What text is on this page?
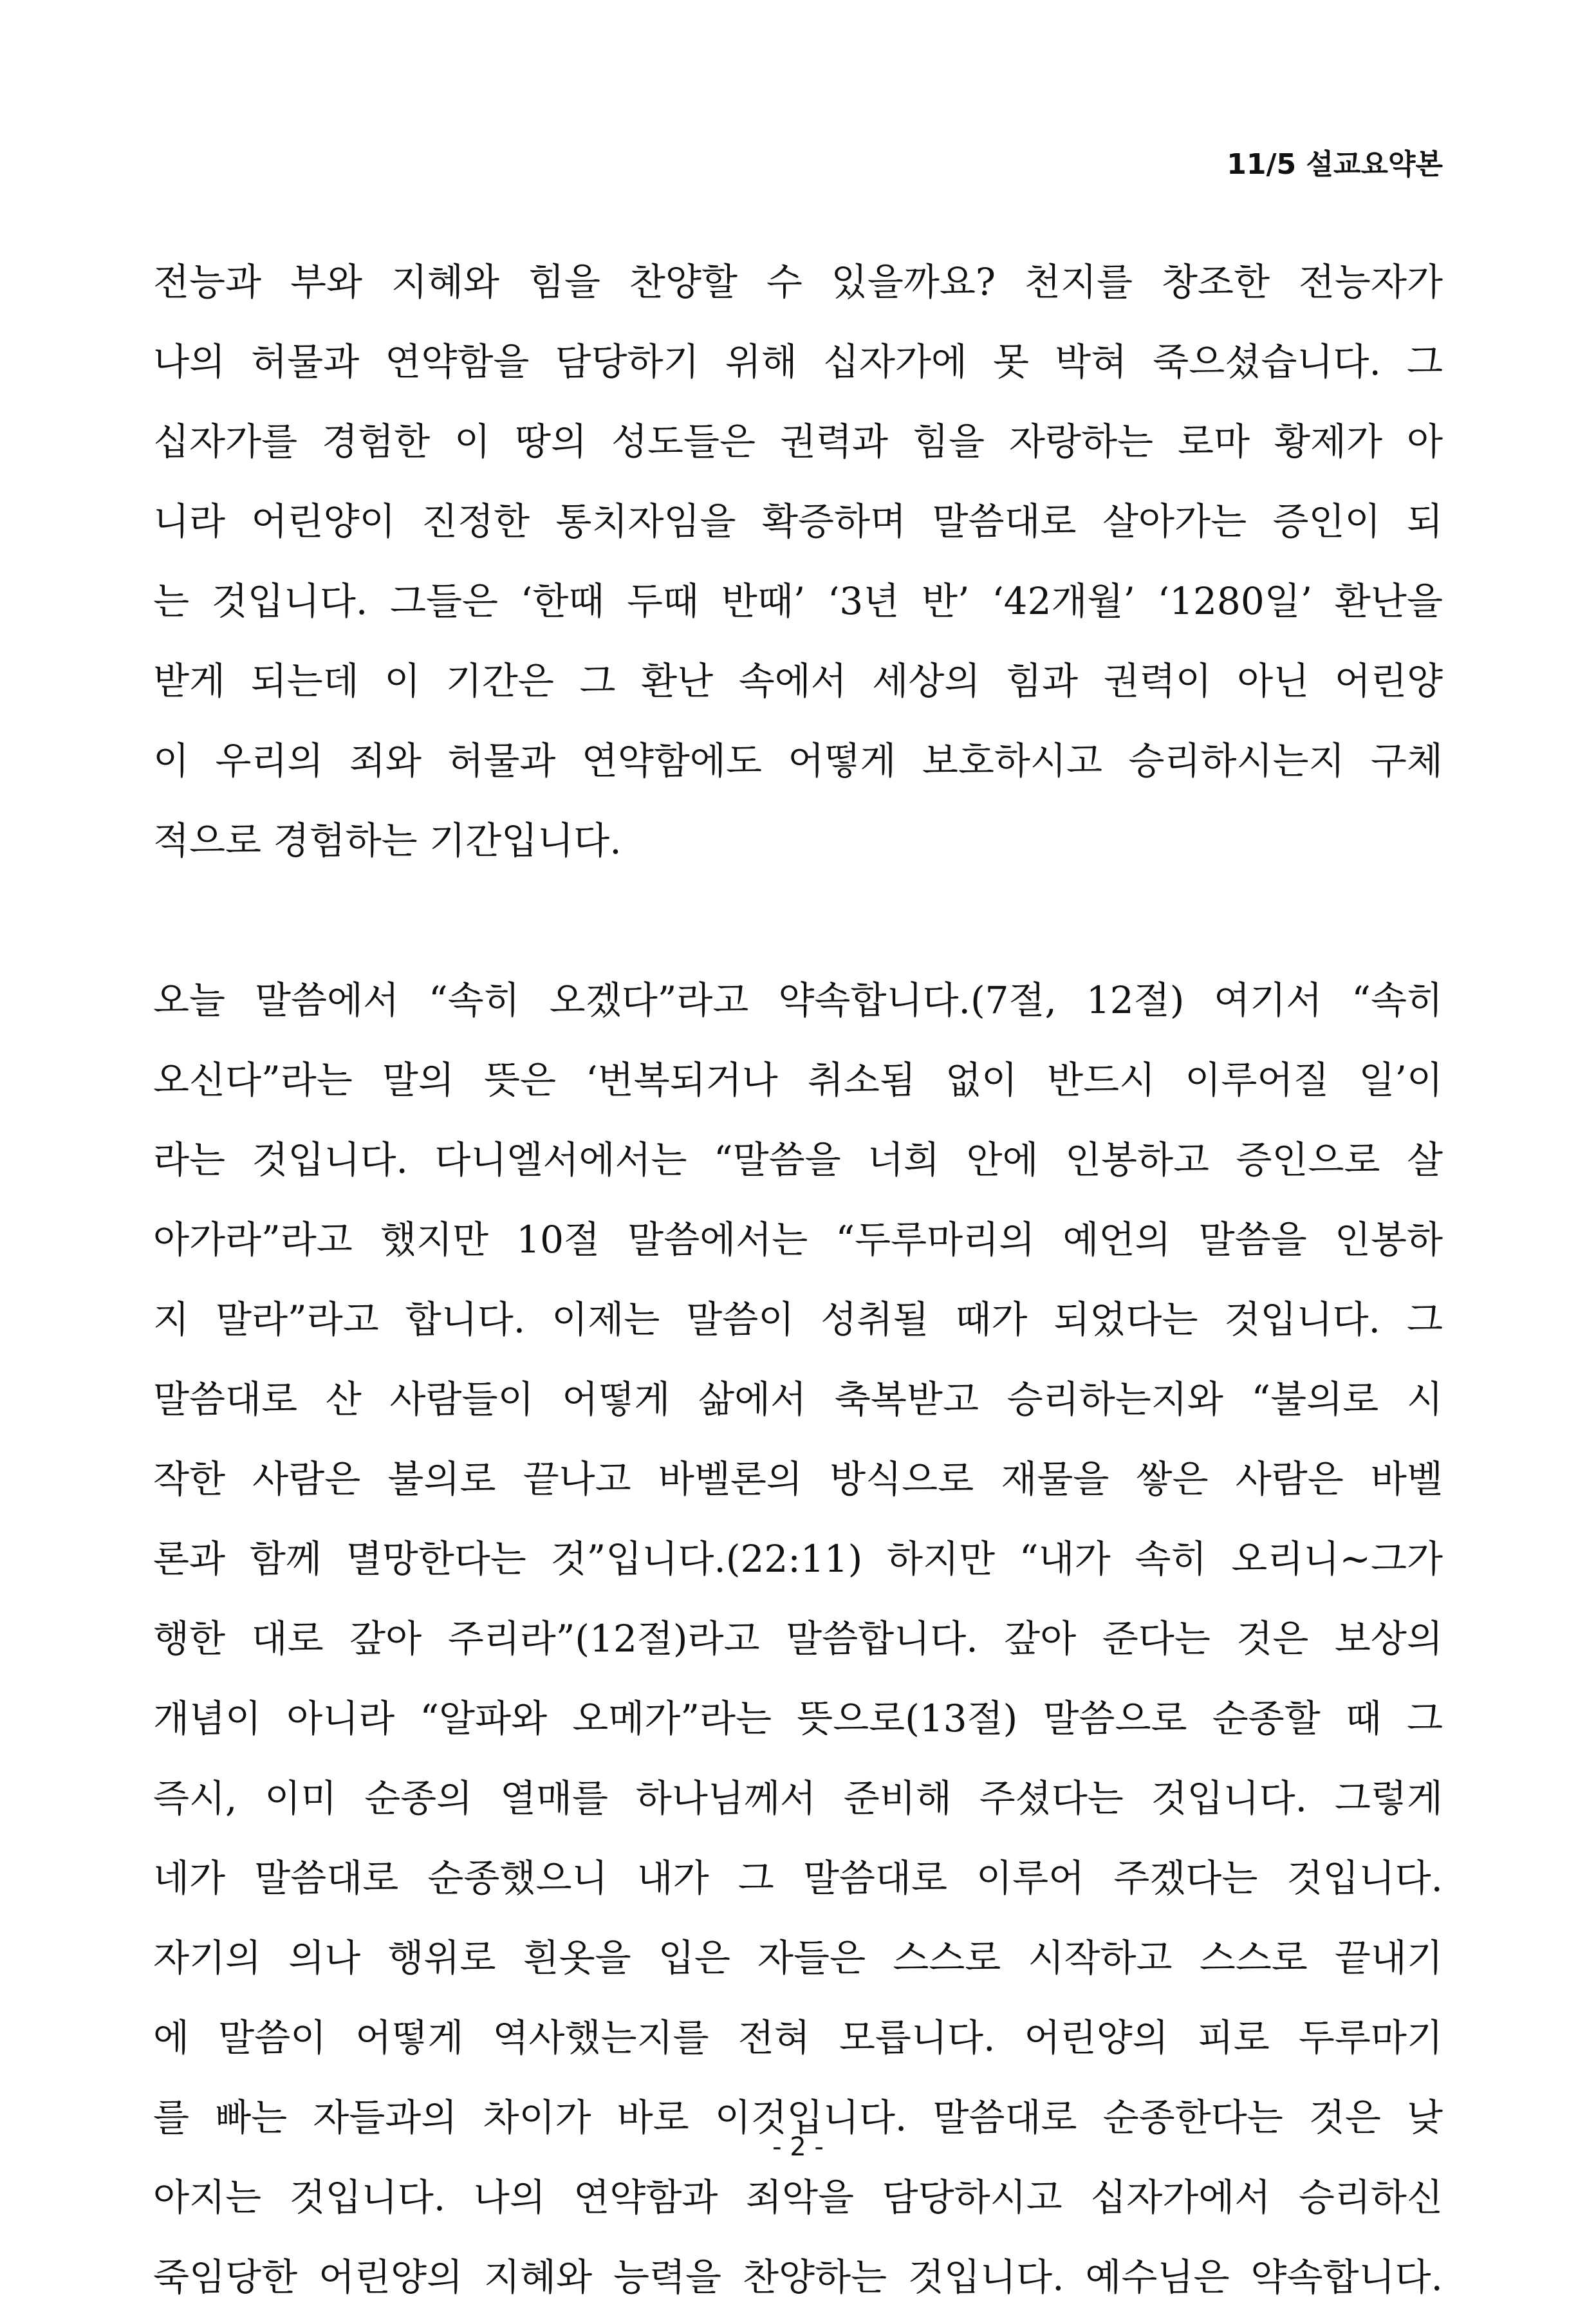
11/5 설교요약본
전능과 부와 지혜와 힘을 찬양할 수 있을까요? 천지를 창조한 전능자가
나의 허물과 연약함을 담당하기 위해 십자가에 못 박혀 죽으셨습니다. 그
십자가를 경험한 이 땅의 성도들은 권력과 힘을 자랑하는 로마 황제가 아
니라 어린양이 진정한 통치자임을 확증하며 말씀대로 살아가는 증인이 되
는 것입니다. 그들은 ‘한때 두때 반때’ ‘3년 반’ ‘42개월’ ‘1280일’ 환난을
받게 되는데 이 기간은 그 환난 속에서 세상의 힘과 권력이 아닌 어린양
이 우리의 죄와 허물과 연약함에도 어떻게 보호하시고 승리하시는지 구체
적으로 경험하는 기간입니다.
오늘 말씀에서 “속히 오겠다”라고 약속합니다.(7절, 12절) 여기서 “속히
오신다”라는 말의 뜻은 ‘번복되거나 취소됨 없이 반드시 이루어질 일’이
라는 것입니다. 다니엘서에서는 “말씀을 너희 안에 인봉하고 증인으로 살
아가라”라고 했지만 10절 말씀에서는 “두루마리의 예언의 말씀을 인봉하
지 말라”라고 합니다. 이제는 말씀이 성취될 때가 되었다는 것입니다. 그
말씀대로 산 사람들이 어떻게 삶에서 축복받고 승리하는지와 “불의로 시
작한 사람은 불의로 끝나고 바벨론의 방식으로 재물을 쌓은 사람은 바벨
론과 함께 멸망한다는 것”입니다.(22:11) 하지만 “내가 속히 오리니~그가
행한 대로 갚아 주리라”(12절)라고 말씀합니다. 갚아 준다는 것은 보상의
개념이 아니라 “알파와 오메가”라는 뜻으로(13절) 말씀으로 순종할 때 그
즉시, 이미 순종의 열매를 하나님께서 준비해 주셨다는 것입니다. 그렇게
네가 말씀대로 순종했으니 내가 그 말씀대로 이루어 주겠다는 것입니다.
자기의 의나 행위로 흰옷을 입은 자들은 스스로 시작하고 스스로 끝내기
에 말씀이 어떻게 역사했는지를 전혀 모릅니다. 어린양의 피로 두루마기
를 빠는 자들과의 차이가 바로 이것입니다. 말씀대로 순종한다는 것은 낮
아지는 것입니다. 나의 연약함과 죄악을 담당하시고 십자가에서 승리하신
죽임당한 어린양의 지혜와 능력을 찬양하는 것입니다. 예수님은 약속합니다.
- 2 -
